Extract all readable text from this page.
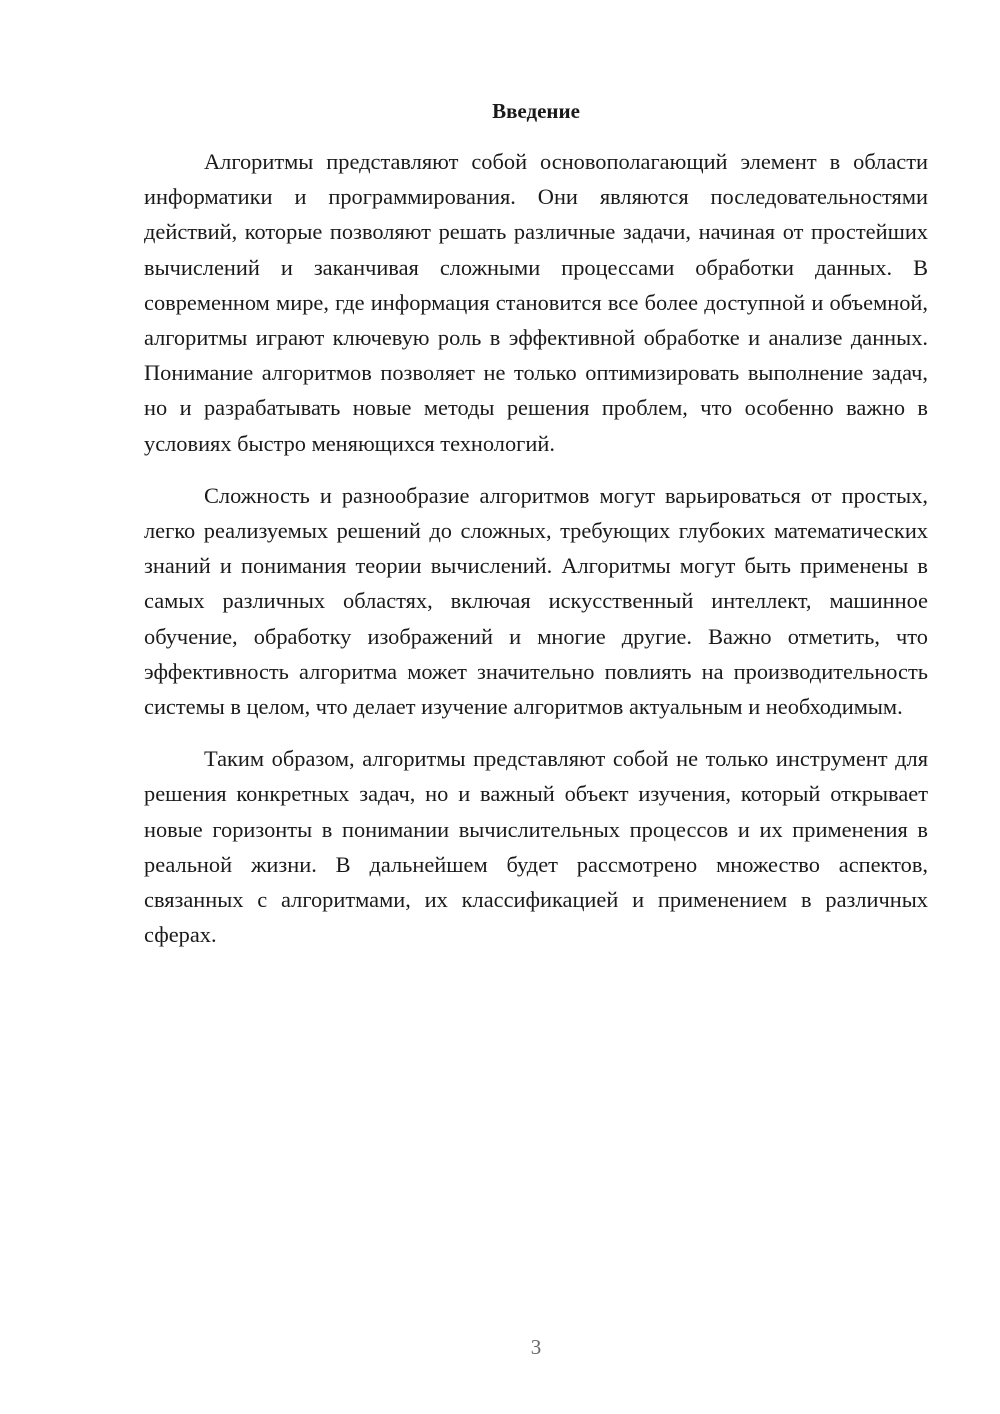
Введение

Алгоритмы представляют собой основополагающий элемент в области информатики и программирования. Они являются последовательностями действий, которые позволяют решать различные задачи, начиная от простейших вычислений и заканчивая сложными процессами обработки данных. В современном мире, где информация становится все более доступной и объемной, алгоритмы играют ключевую роль в эффективной обработке и анализе данных. Понимание алгоритмов позволяет не только оптимизировать выполнение задач, но и разрабатывать новые методы решения проблем, что особенно важно в условиях быстро меняющихся технологий.

Сложность и разнообразие алгоритмов могут варьироваться от простых, легко реализуемых решений до сложных, требующих глубоких математических знаний и понимания теории вычислений. Алгоритмы могут быть применены в самых различных областях, включая искусственный интеллект, машинное обучение, обработку изображений и многие другие. Важно отметить, что эффективность алгоритма может значительно повлиять на производительность системы в целом, что делает изучение алгоритмов актуальным и необходимым.

Таким образом, алгоритмы представляют собой не только инструмент для решения конкретных задач, но и важный объект изучения, который открывает новые горизонты в понимании вычислительных процессов и их применения в реальной жизни. В дальнейшем будет рассмотрено множество аспектов, связанных с алгоритмами, их классификацией и применением в различных сферах.

3
